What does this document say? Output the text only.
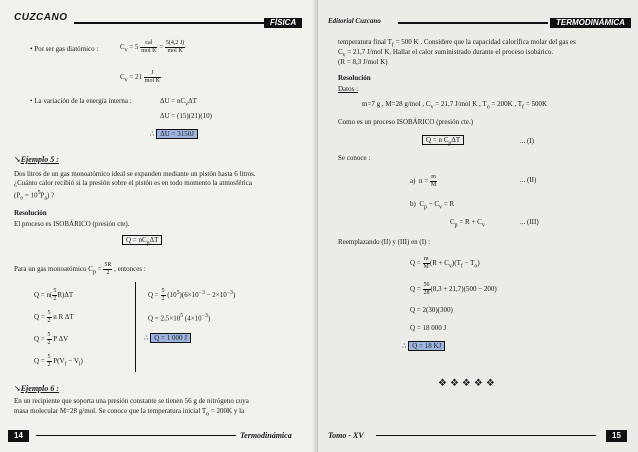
CUZCANO	FÍSICA
• Por ser gas diatómico :	$C_v = 5 \frac{\text{cal}}{\text{mol K}} = \frac{5(4,2 J)}{\text{mol K}}$
$C_v = 21 \frac{J}{\text{mol K}}$
• La variación de la energía interna :	$\Delta U = nC_v\Delta T$
ΔU = (15)(21)(10)
∴ ΔU = 3150J
↘Ejemplo 5 :
Dos litros de un gas monoatómico ideal se expanden mediante un pistón hasta 6 litros.
¿Cuánto calor recibió si la presión sobre el pistón es en todo momento la atmosférica
$(P_o = 10^5P_a)$ ?
Resolución
El proceso es ISOBÁRICO (presión cte).
$Q = nC_p\Delta T$
Para un gas monoatómico $C_p = \frac{5R}{2}$ , entonces :
$Q = n( \frac{5}{2} R)\Delta T$
$Q = \frac{5}{2}$ n R ΔT
$Q = \frac{5}{2}$ P ΔV
$Q = \frac{5}{2} P(V_f - V_i)$
$Q = \frac{5}{2} (10^5)(6\times 10^{-3} - 2\times 10^{-3})$
$Q = 2,5\times 10^5$ $(4\times 10^{-3})$
∴ Q = 1 000 J
↘Ejemplo 6 :
En un recipiente que soporta una presión constante se tienen 56 g de nitrógeno cuya
masa molecular M=28 g/mol. Se conoce que la temperatura inicial $T_o = 200K$ y la
14	Termodinámica
Editorial Cuzcano	TERMODINÁMICA
temperatura final $T_f = 500$ K . Considere que la capacidad calorífica molar del gas es
$C_v = 21,7$ J/mol K. Hallar el calor suministrado durante el proceso isobárico.
(R = 8,3 J/mol K)
Resolución
Datos :
m=7 g , M=28 g/mol , $C_v = 21,7$ J/mol K , $T_o = 200K$ , $T_f = 500K$
Como es un proceso ISOBÁRICO (presión cte.)
Q = n $C_p\Delta T$	... (I)
Se conoce :
a) $n = \frac{m}{M}$	... (II)
b) $C_p - C_v = R$
$C_p = R + C_v$	... (III)
Reemplazando (II) y (III) en (I) :
$Q = \frac{m}{M} (R + C_v)(T_f - T_o)$
$Q = \frac{56}{28} (8,3 + 21,7)(500 - 200)$
Q = 2(30)(300)
Q = 18 000 J
∴ Q = 18 KJ
❖❖❖❖❖
Tomo - XV	15
